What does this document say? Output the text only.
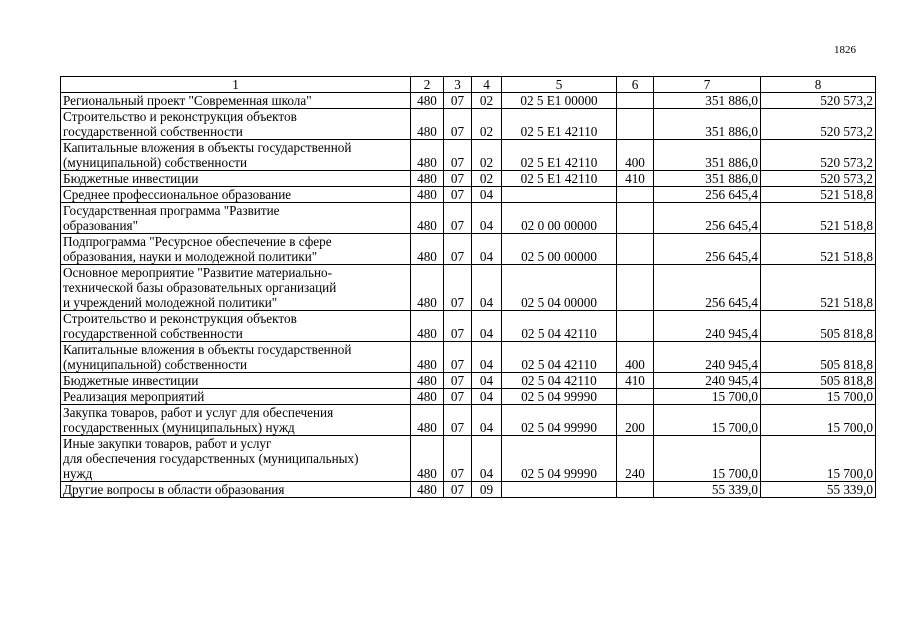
1826
1	2	3	4	5	6	7	8
Региональный проект "Современная школа"	480	07	02	02 5 E1 00000		351 886,0	520 573,2
Строительство и реконструкция объектов
государственной собственности	480	07	02	02 5 E1 42110		351 886,0	520 573,2
Капитальные вложения в объекты государственной
(муниципальной) собственности	480	07	02	02 5 E1 42110	400	351 886,0	520 573,2
Бюджетные инвестиции	480	07	02	02 5 E1 42110	410	351 886,0	520 573,2
Среднее профессиональное образование	480	07	04			256 645,4	521 518,8
Государственная программа "Развитие
образования"	480	07	04	02 0 00 00000		256 645,4	521 518,8
Подпрограмма "Ресурсное обеспечение в сфере
образования, науки и молодежной политики"	480	07	04	02 5 00 00000		256 645,4	521 518,8
Основное мероприятие "Развитие материально-
технической базы образовательных организаций
и учреждений молодежной политики"	480	07	04	02 5 04 00000		256 645,4	521 518,8
Строительство и реконструкция объектов
государственной собственности	480	07	04	02 5 04 42110		240 945,4	505 818,8
Капитальные вложения в объекты государственной
(муниципальной) собственности	480	07	04	02 5 04 42110	400	240 945,4	505 818,8
Бюджетные инвестиции	480	07	04	02 5 04 42110	410	240 945,4	505 818,8
Реализация мероприятий	480	07	04	02 5 04 99990		15 700,0	15 700,0
Закупка товаров, работ и услуг для обеспечения
государственных (муниципальных) нужд	480	07	04	02 5 04 99990	200	15 700,0	15 700,0
Иные закупки товаров, работ и услуг
для обеспечения государственных (муниципальных)
нужд	480	07	04	02 5 04 99990	240	15 700,0	15 700,0
Другие вопросы в области образования	480	07	09			55 339,0	55 339,0
